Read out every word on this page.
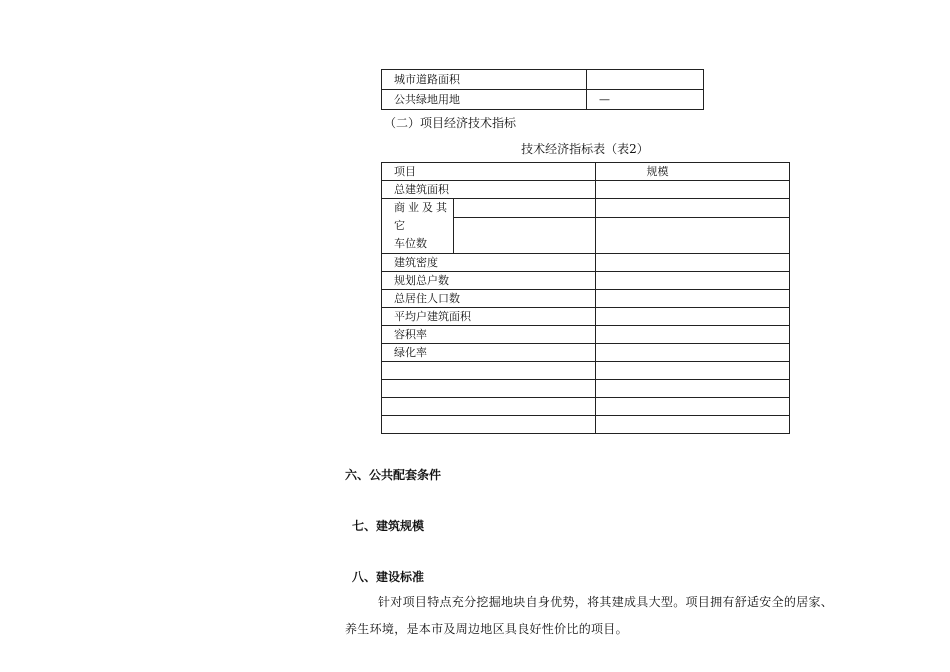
城市道路面积	
公共绿地用地	—
（二）项目经济技术指标
技术经济指标表（表2）
项目		规模
总建筑面积		
商业及其它
车位数		

建筑密度		
规划总户数		
总居住人口数		
平均户建筑面积		
容积率		
绿化率		

六、公共配套条件
七、建筑规模
八、建设标准
针对项目特点充分挖掘地块自身优势，将其建成具大型。项目拥有舒适安全的居家、
养生环境，是本市及周边地区具良好性价比的项目。
